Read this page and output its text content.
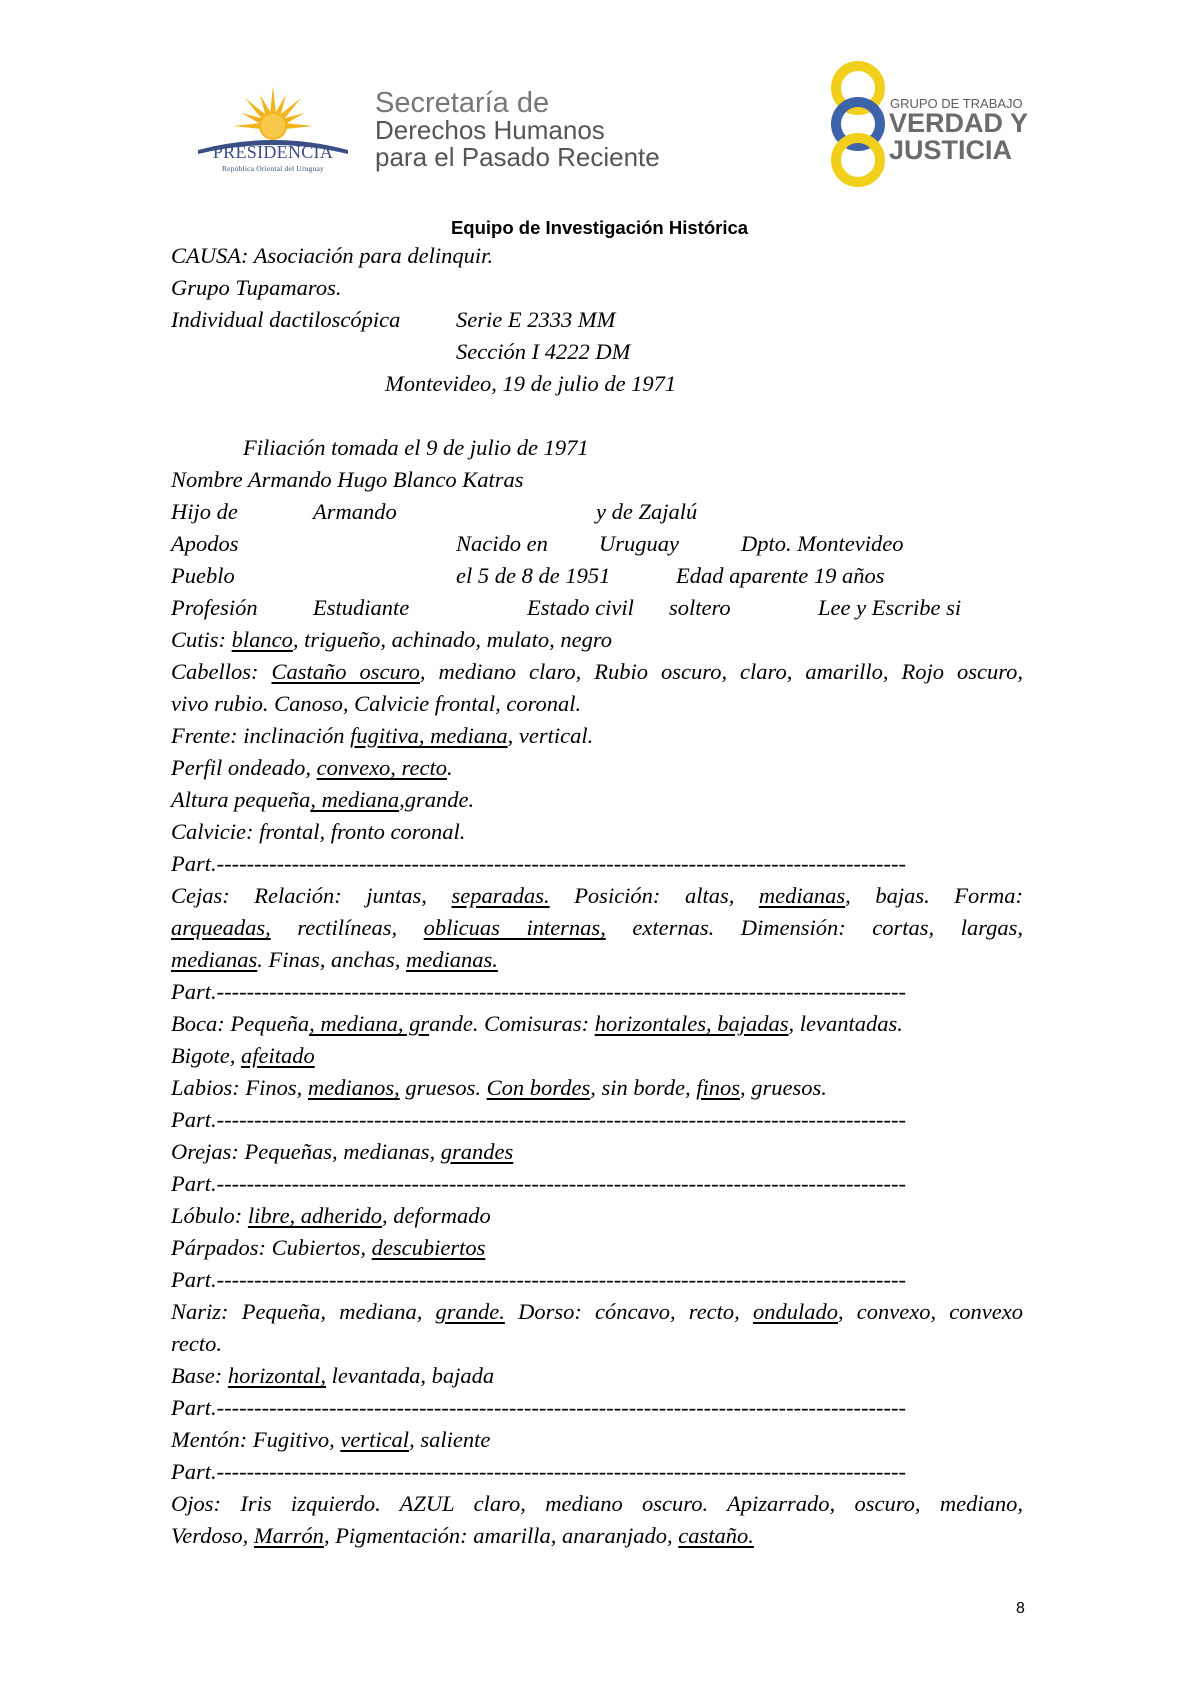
PRESIDENCIA
República Oriental del Uruguay
Secretaría de
Derechos Humanos
para el Pasado Reciente
GRUPO DE TRABAJO
VERDAD Y
JUSTICIA
Equipo de Investigación Histórica
CAUSA: Asociación para delinquir.
Grupo Tupamaros.
Individual dactiloscópica Serie E 2333 MM
Sección I 4222 DM
Montevideo, 19 de julio de 1971
Filiación tomada el 9 de julio de 1971
Nombre Armando Hugo Blanco Katras
Hijo de	Armando	y de Zajalú
Apodos	Nacido en Uruguay	Dpto. Montevideo
Pueblo	el 5 de 8 de 1951	Edad aparente 19 años
Profesión Estudiante	Estado civil soltero	Lee y Escribe si
Cutis: blanco, trigueño, achinado, mulato, negro
Cabellos: Castaño oscuro, mediano claro, Rubio oscuro, claro, amarillo, Rojo oscuro,
vivo rubio. Canoso, Calvicie frontal, coronal.
Frente: inclinación fugitiva, mediana, vertical.
Perfil ondeado, convexo, recto.
Altura pequeña, mediana,grande.
Calvicie: frontal, fronto coronal.
Part.--------------------------------------------------------------------------------------------
Cejas: Relación: juntas, separadas. Posición: altas, medianas, bajas. Forma:
arqueadas, rectilíneas, oblicuas internas, externas. Dimensión: cortas, largas,
medianas. Finas, anchas, medianas.
Part.--------------------------------------------------------------------------------------------
Boca: Pequeña, mediana, grande. Comisuras: horizontales, bajadas, levantadas.
Bigote, afeitado
Labios: Finos, medianos, gruesos. Con bordes, sin borde, finos, gruesos.
Part.--------------------------------------------------------------------------------------------
Orejas: Pequeñas, medianas, grandes
Part.--------------------------------------------------------------------------------------------
Lóbulo: libre, adherido, deformado
Párpados: Cubiertos, descubiertos
Part.--------------------------------------------------------------------------------------------
Nariz: Pequeña, mediana, grande. Dorso: cóncavo, recto, ondulado, convexo, convexo
recto.
Base: horizontal, levantada, bajada
Part.--------------------------------------------------------------------------------------------
Mentón: Fugitivo, vertical, saliente
Part.--------------------------------------------------------------------------------------------
Ojos: Iris izquierdo. AZUL claro, mediano oscuro. Apizarrado, oscuro, mediano,
Verdoso, Marrón, Pigmentación: amarilla, anaranjado, castaño.
8
